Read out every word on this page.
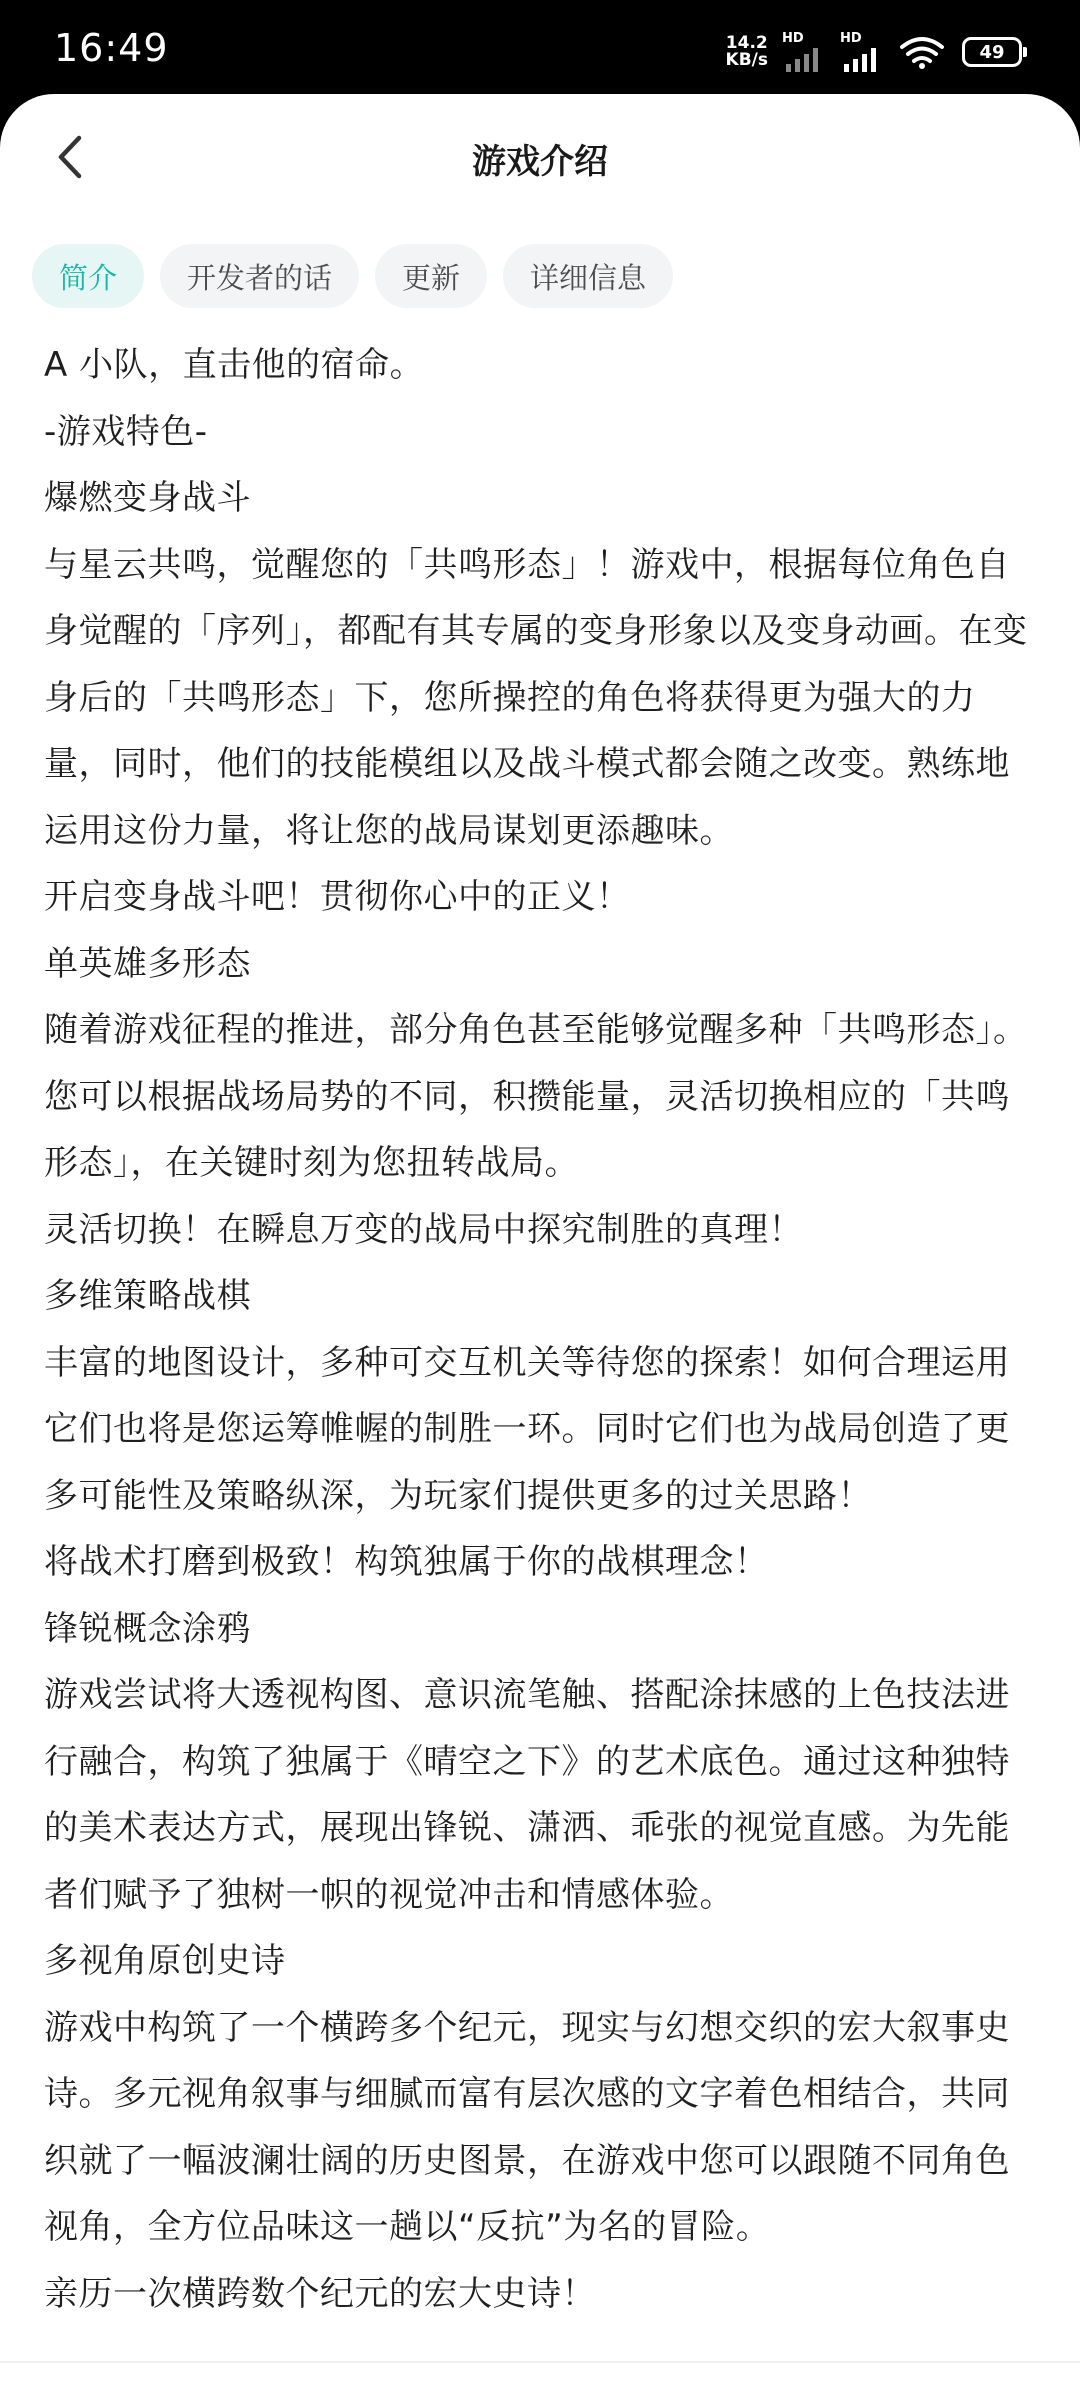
16:49	14.2
KB/s
HD	HD
49
游戏介绍
简介	开发者的话	更新	详细信息

A 小队，直击他的宿命。

-游戏特色-

爆燃变身战斗

与星云共鸣，觉醒您的「共鸣形态」！游戏中，根据每位角色自身觉醒的「序列」，都配有其专属的变身形象以及变身动画。在变身后的「共鸣形态」下，您所操控的角色将获得更为强大的力量，同时，他们的技能模组以及战斗模式都会随之改变。熟练地运用这份力量，将让您的战局谋划更添趣味。

开启变身战斗吧！贯彻你心中的正义！

单英雄多形态

随着游戏征程的推进，部分角色甚至能够觉醒多种「共鸣形态」。您可以根据战场局势的不同，积攒能量，灵活切换相应的「共鸣形态」，在关键时刻为您扭转战局。

灵活切换！在瞬息万变的战局中探究制胜的真理！

多维策略战棋

丰富的地图设计，多种可交互机关等待您的探索！如何合理运用它们也将是您运筹帷幄的制胜一环。同时它们也为战局创造了更多可能性及策略纵深，为玩家们提供更多的过关思路！

将战术打磨到极致！构筑独属于你的战棋理念！

锋锐概念涂鸦

游戏尝试将大透视构图、意识流笔触、搭配涂抹感的上色技法进行融合，构筑了独属于《晴空之下》的艺术底色。通过这种独特的美术表达方式，展现出锋锐、潇洒、乖张的视觉直感。为先能者们赋予了独树一帜的视觉冲击和情感体验。

多视角原创史诗

游戏中构筑了一个横跨多个纪元，现实与幻想交织的宏大叙事史诗。多元视角叙事与细腻而富有层次感的文字着色相结合，共同织就了一幅波澜壮阔的历史图景，在游戏中您可以跟随不同角色视角，全方位品味这一趟以“反抗”为名的冒险。

亲历一次横跨数个纪元的宏大史诗！
